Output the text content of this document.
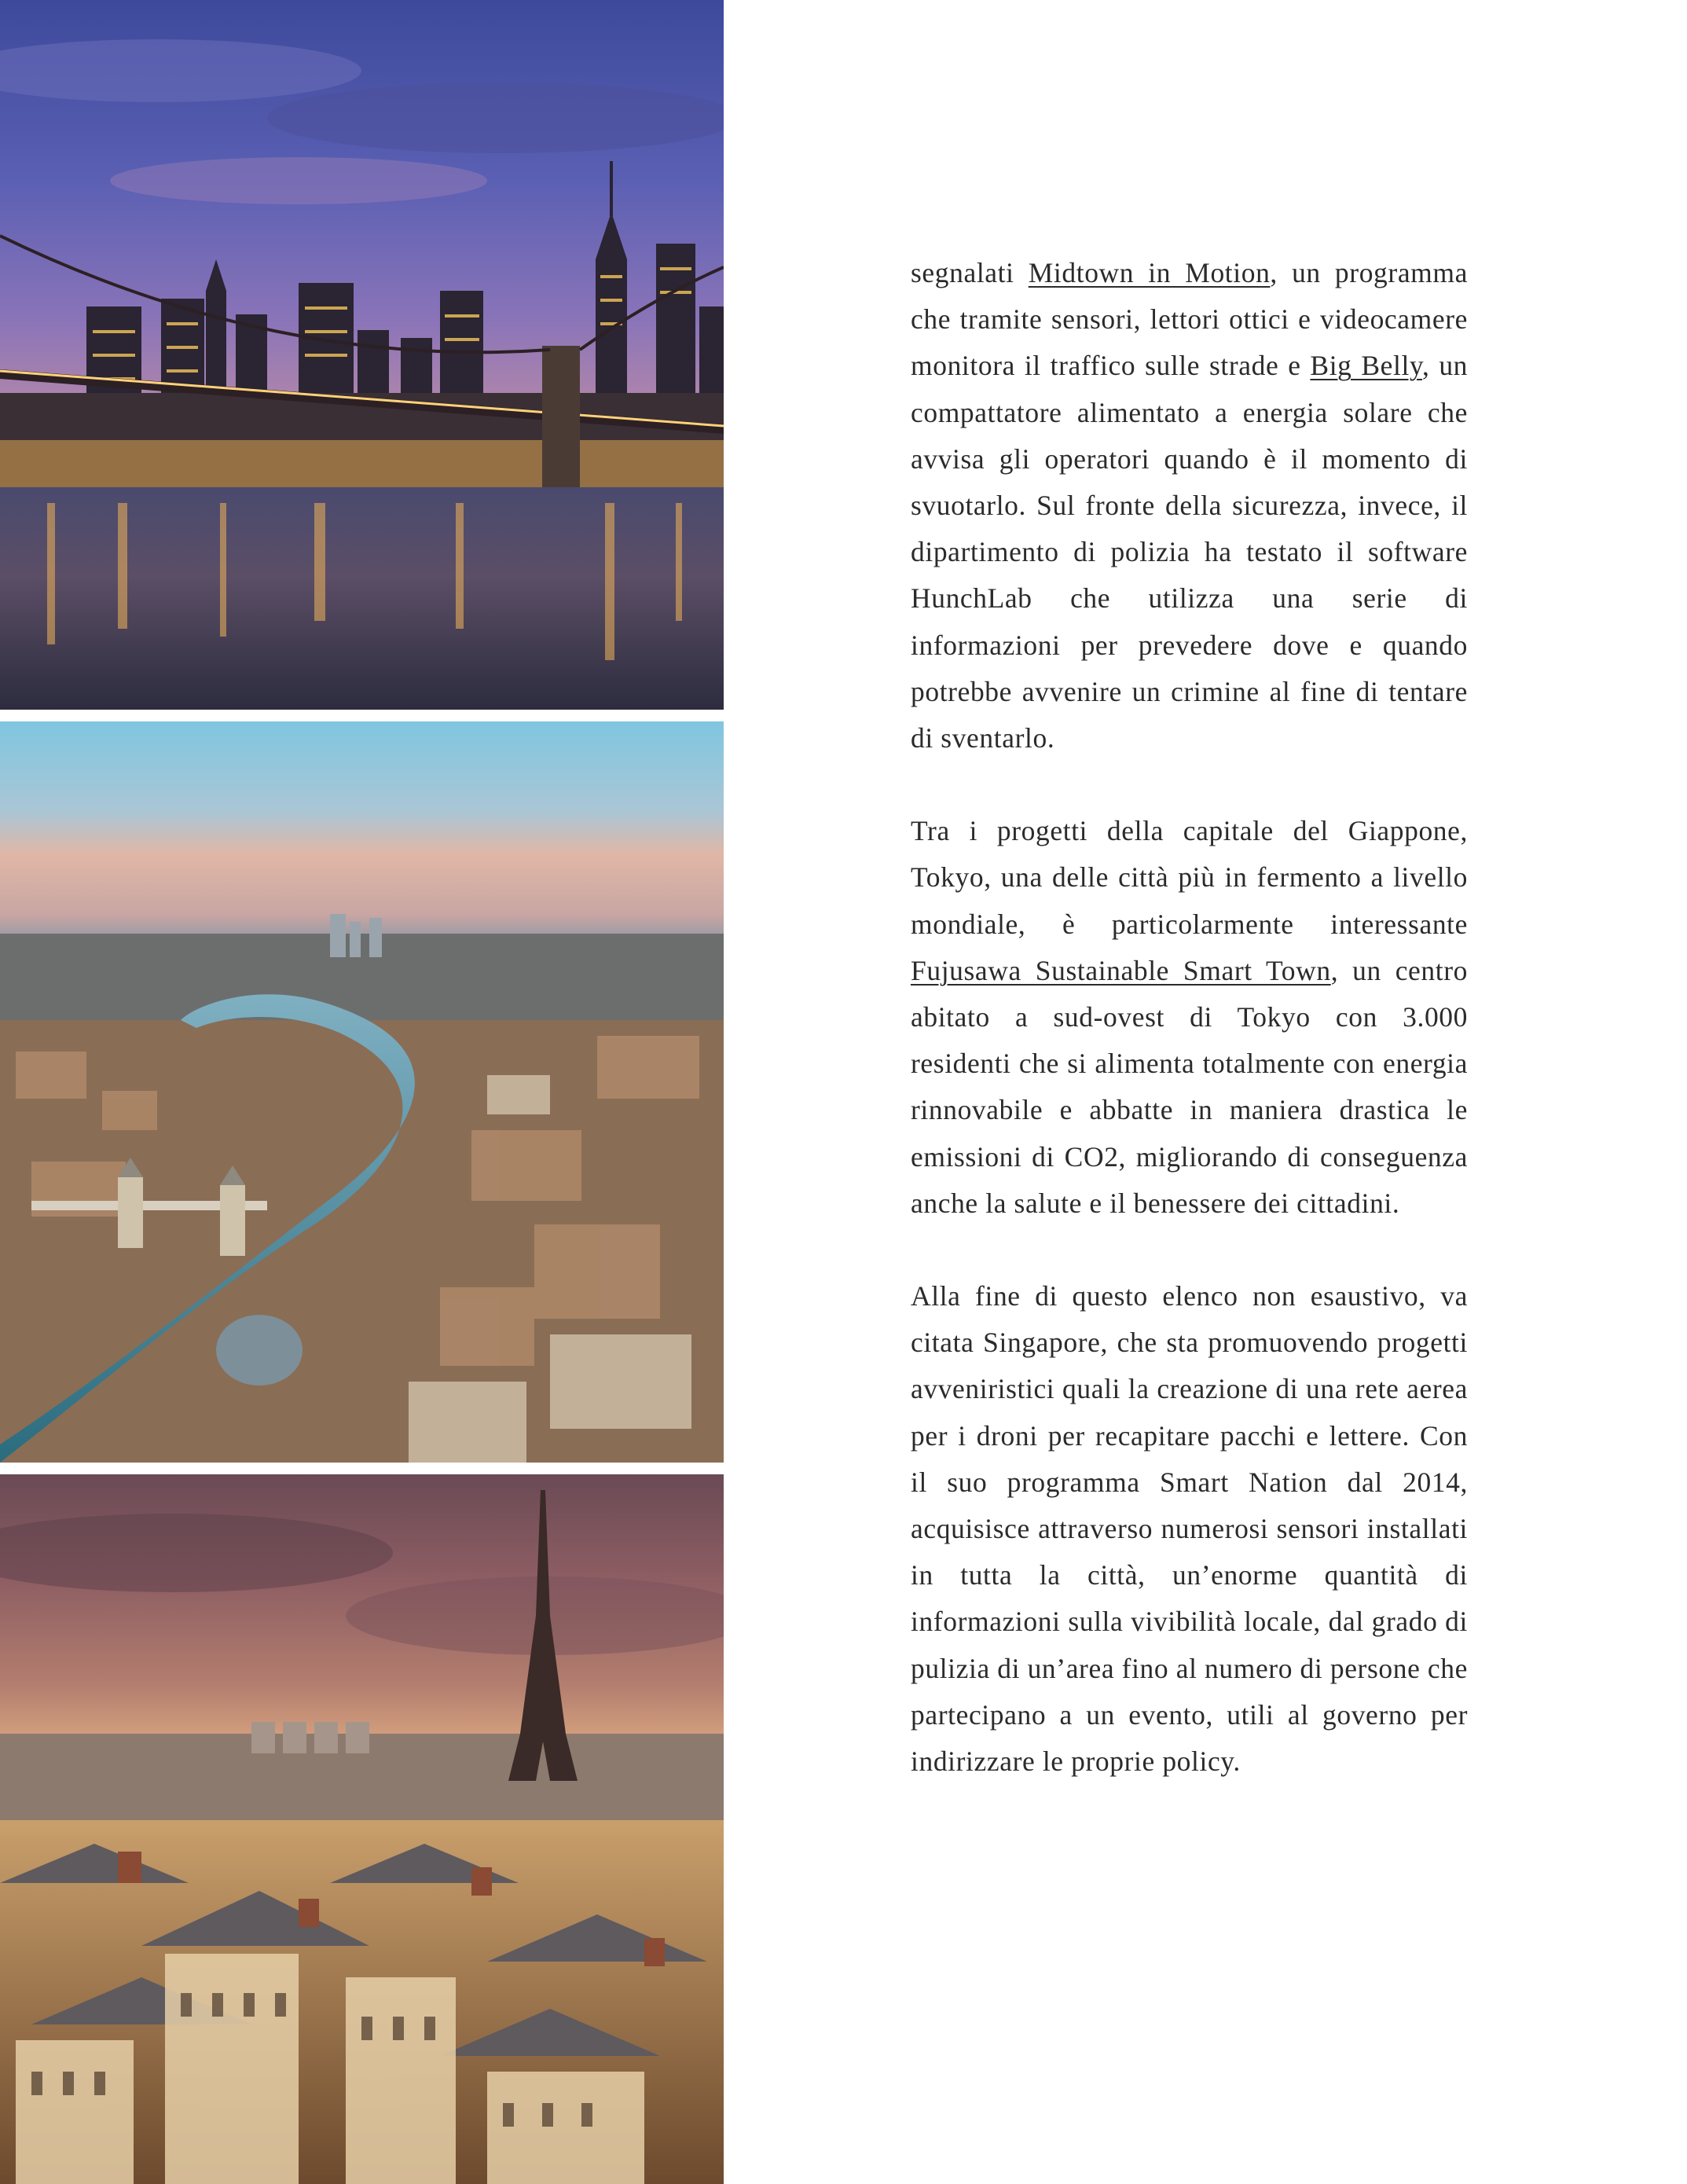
segnalati Midtown in Motion, un programma che tramite sensori, lettori ottici e videocamere monitora il traffico sulle strade e Big Belly, un compattatore alimentato a energia solare che avvisa gli operatori quando è il momento di svuotarlo. Sul fronte della sicurezza, invece, il dipartimento di polizia ha testato il software HunchLab che utilizza una serie di informazioni per prevedere dove e quando potrebbe avvenire un crimine al fine di tentare di sventarlo.

Tra i progetti della capitale del Giappone, Tokyo, una delle città più in fermento a livello mondiale, è particolarmente interessante Fujusawa Sustainable Smart Town, un centro abitato a sud-ovest di Tokyo con 3.000 residenti che si alimenta totalmente con energia rinnovabile e abbatte in maniera drastica le emissioni di CO2, migliorando di conseguenza anche la salute e il benessere dei cittadini.

Alla fine di questo elenco non esaustivo, va citata Singapore, che sta promuovendo progetti avveniristici quali la creazione di una rete aerea per i droni per recapitare pacchi e lettere. Con il suo programma Smart Nation dal 2014, acquisisce attraverso numerosi sensori installati in tutta la città, un’enorme quantità di informazioni sulla vivibilità locale, dal grado di pulizia di un’area fino al numero di persone che partecipano a un evento, utili al governo per indirizzare le proprie policy.
